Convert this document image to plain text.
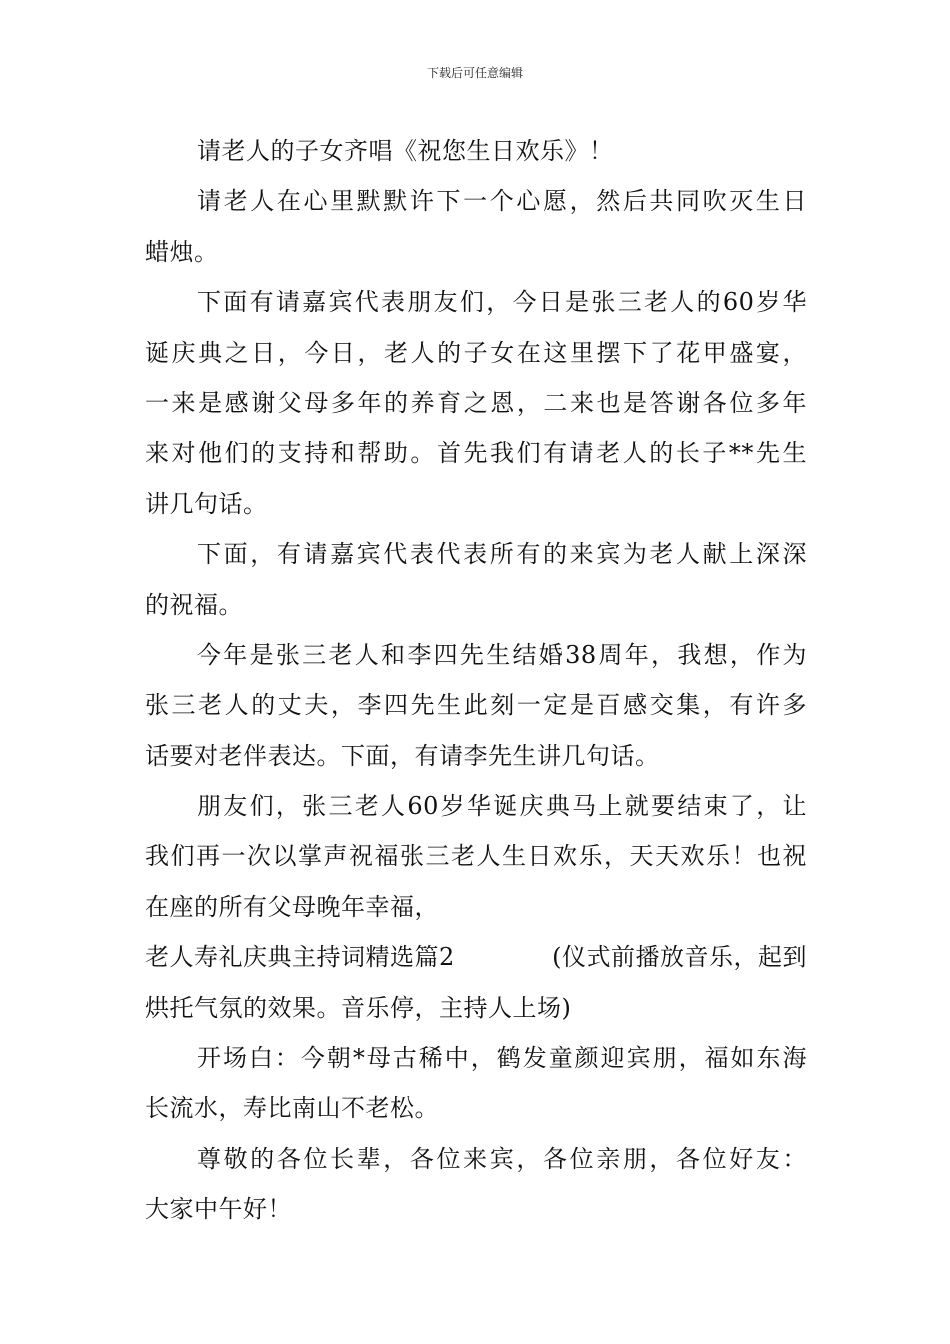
下载后可任意编辑
请老人的子女齐唱《祝您生日欢乐》！
请老人在心里默默许下一个心愿，然后共同吹灭生日
蜡烛。
下面有请嘉宾代表朋友们，今日是张三老人的60岁华
诞庆典之日，今日，老人的子女在这里摆下了花甲盛宴，
一来是感谢父母多年的养育之恩，二来也是答谢各位多年
来对他们的支持和帮助。首先我们有请老人的长子**先生
讲几句话。
下面，有请嘉宾代表代表所有的来宾为老人献上深深
的祝福。
今年是张三老人和李四先生结婚38周年，我想，作为
张三老人的丈夫，李四先生此刻一定是百感交集，有许多
话要对老伴表达。下面，有请李先生讲几句话。
朋友们，张三老人60岁华诞庆典马上就要结束了，让
我们再一次以掌声祝福张三老人生日欢乐，天天欢乐！也祝
在座的所有父母晚年幸福，
老人寿礼庆典主持词精选篇2	(仪式前播放音乐，起到
烘托气氛的效果。音乐停，主持人上场)
开场白：今朝*母古稀中，鹤发童颜迎宾朋，福如东海
长流水，寿比南山不老松。
尊敬的各位长辈，各位来宾，各位亲朋，各位好友：
大家中午好！
